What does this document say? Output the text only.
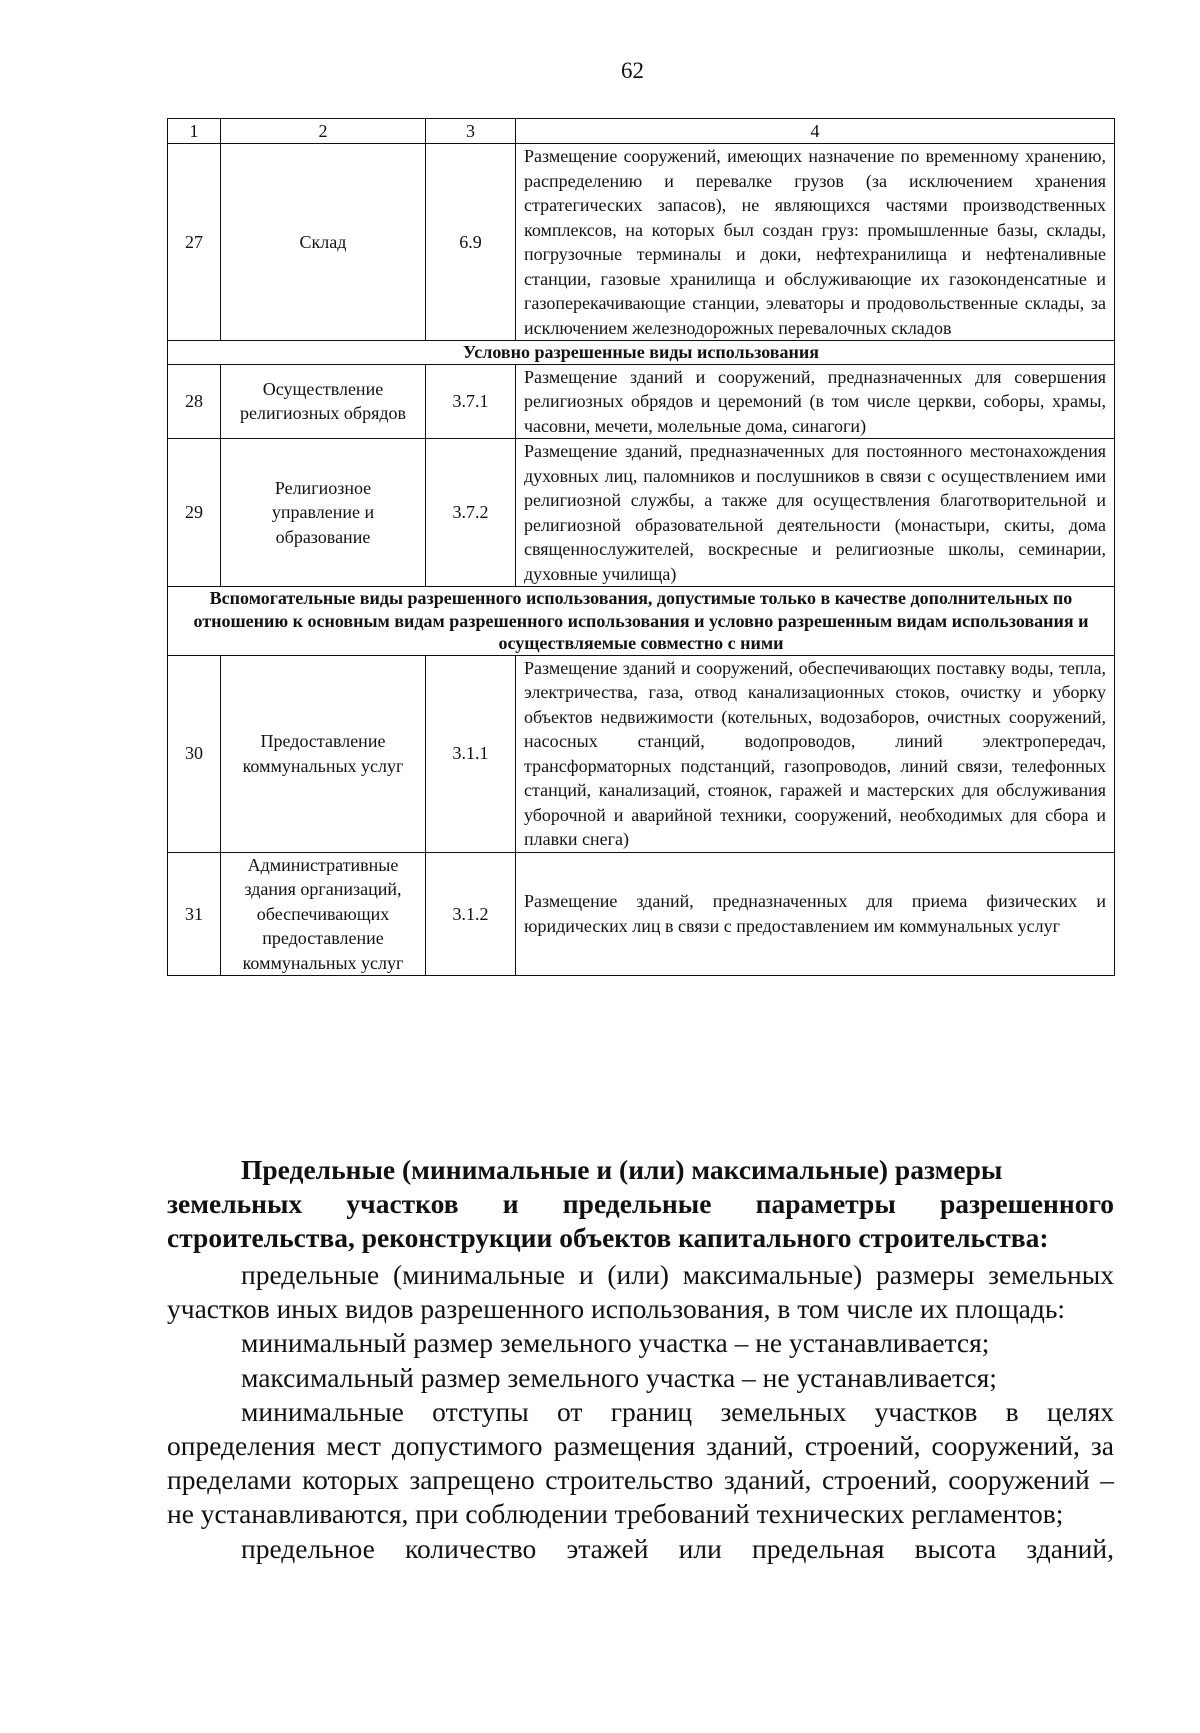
62
1	2	3	4
27	Склад	6.9	Размещение сооружений, имеющих назначение по временному хранению, распределению и перевалке грузов (за исключением хранения стратегических запасов), не являющихся частями производственных комплексов, на которых был создан груз: промышленные базы, склады, погрузочные терминалы и доки, нефтехранилища и нефтеналивные станции, газовые хранилища и обслуживающие их газоконденсатные и газоперекачивающие станции, элеваторы и продовольственные склады, за исключением железнодорожных перевалочных складов
Условно разрешенные виды использования			
28	Осуществление религиозных обрядов	3.7.1	Размещение зданий и сооружений, предназначенных для совершения религиозных обрядов и церемоний (в том числе церкви, соборы, храмы, часовни, мечети, молельные дома, синагоги)
29	Религиозное управление и образование	3.7.2	Размещение зданий, предназначенных для постоянного местонахождения духовных лиц, паломников и послушников в связи с осуществлением ими религиозной службы, а также для осуществления благотворительной и религиозной образовательной деятельности (монастыри, скиты, дома священнослужителей, воскресные и религиозные школы, семинарии, духовные училища)
Вспомогательные виды разрешенного использования, допустимые только в качестве дополнительных по отношению к основным видам разрешенного использования и условно разрешенным видам использования и осуществляемые совместно с ними			
30	Предоставление коммунальных услуг	3.1.1	Размещение зданий и сооружений, обеспечивающих поставку воды, тепла, электричества, газа, отвод канализационных стоков, очистку и уборку объектов недвижимости (котельных, водозаборов, очистных сооружений, насосных станций, водопроводов, линий электропередач, трансформаторных подстанций, газопроводов, линий связи, телефонных станций, канализаций, стоянок, гаражей и мастерских для обслуживания уборочной и аварийной техники, сооружений, необходимых для сбора и плавки снега)
31	Административные здания организаций, обеспечивающих предоставление коммунальных услуг	3.1.2	Размещение зданий, предназначенных для приема физических и юридических лиц в связи с предоставлением им коммунальных услуг
Предельные (минимальные и (или) максимальные) размеры
земельных участков и предельные параметры разрешенного строительства, реконструкции объектов капитального строительства:

предельные (минимальные и (или) максимальные) размеры земельных участков иных видов разрешенного использования, в том числе их площадь:

минимальный размер земельного участка – не устанавливается;

максимальный размер земельного участка – не устанавливается;

минимальные отступы от границ земельных участков в целях определения мест допустимого размещения зданий, строений, сооружений, за пределами которых запрещено строительство зданий, строений, сооружений – не устанавливаются, при соблюдении требований технических регламентов;

предельное количество этажей или предельная высота зданий,
